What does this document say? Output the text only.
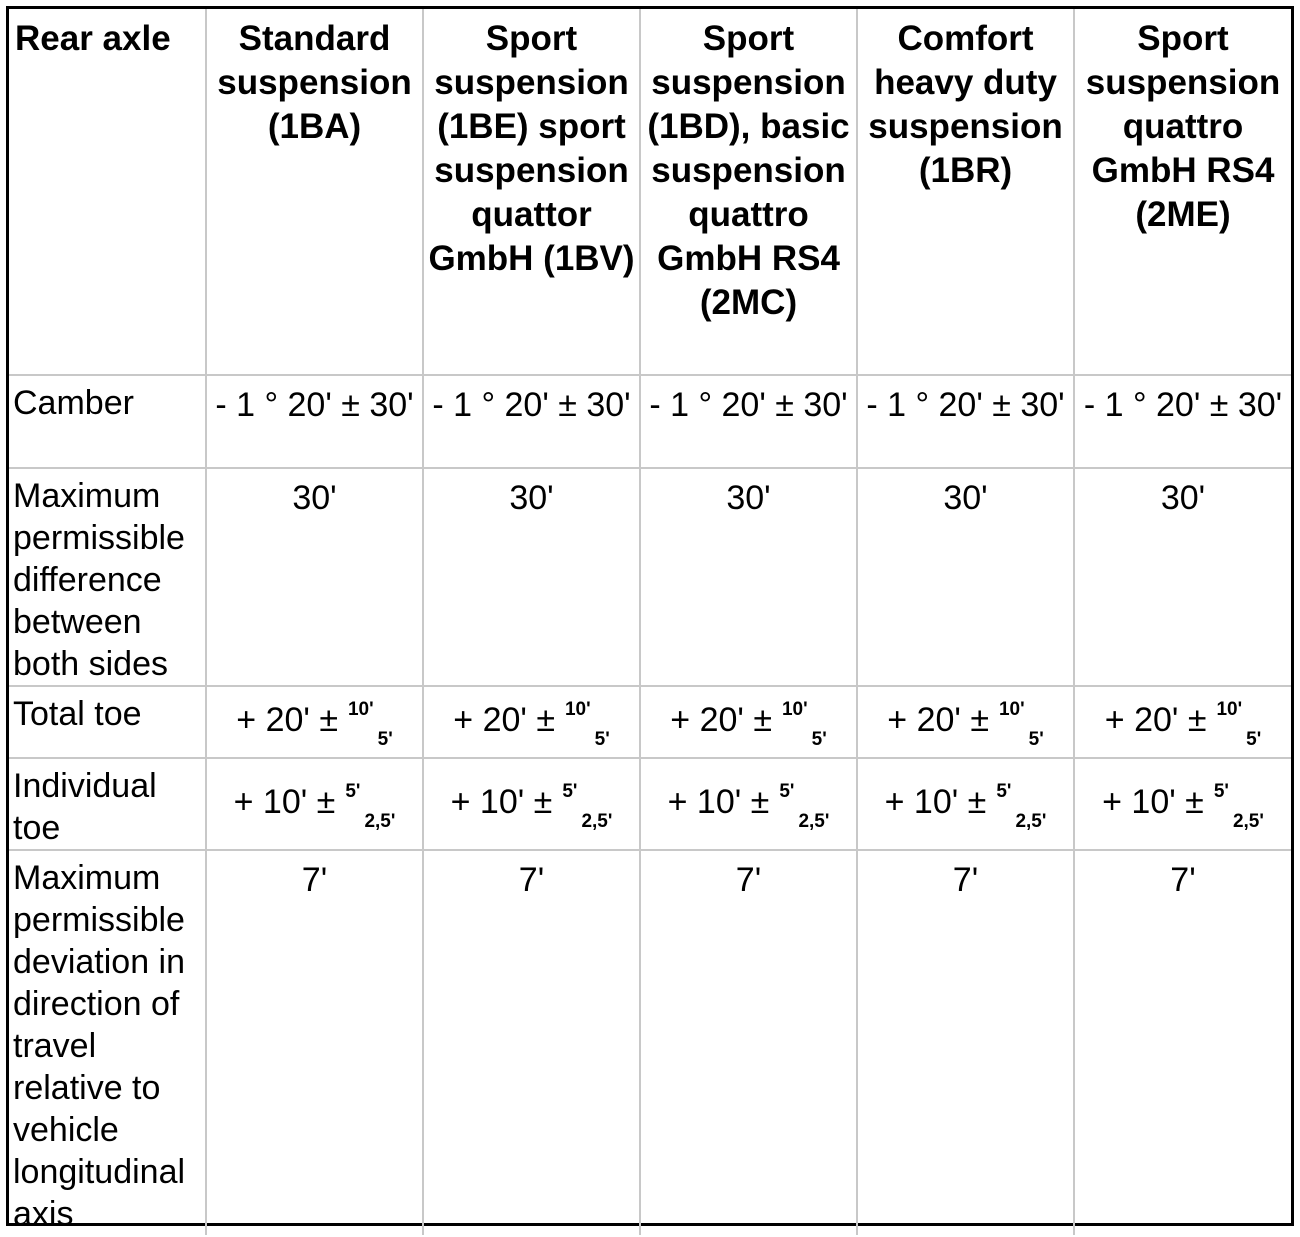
Rear axle	Standard suspension (1BA)	Sport suspension (1BE) sport suspension quattor GmbH (1BV)	Sport suspension (1BD), basic suspension quattro GmbH RS4 (2MC)	Comfort heavy duty suspension (1BR)	Sport suspension quattro GmbH RS4 (2ME)
Camber	- 1 ° 20' ± 30'	- 1 ° 20' ± 30'	- 1 ° 20' ± 30'	- 1 ° 20' ± 30'	- 1 ° 20' ± 30'
Maximum permissible difference between both sides	30'	30'	30'	30'	30'
Total toe	+ 20' ± $^{10'}_{5'}$	+ 20' ± $^{10'}_{5'}$	+ 20' ± $^{10'}_{5'}$	+ 20' ± $^{10'}_{5'}$	+ 20' ± $^{10'}_{5'}$
Individual toe	+ 10' ± $^{5'}_{2,5'}$	+ 10' ± $^{5'}_{2,5'}$	+ 10' ± $^{5'}_{2,5'}$	+ 10' ± $^{5'}_{2,5'}$	+ 10' ± $^{5'}_{2,5'}$
Maximum permissible deviation in direction of travel relative to vehicle longitudinal axis	7'	7'	7'	7'	7'
